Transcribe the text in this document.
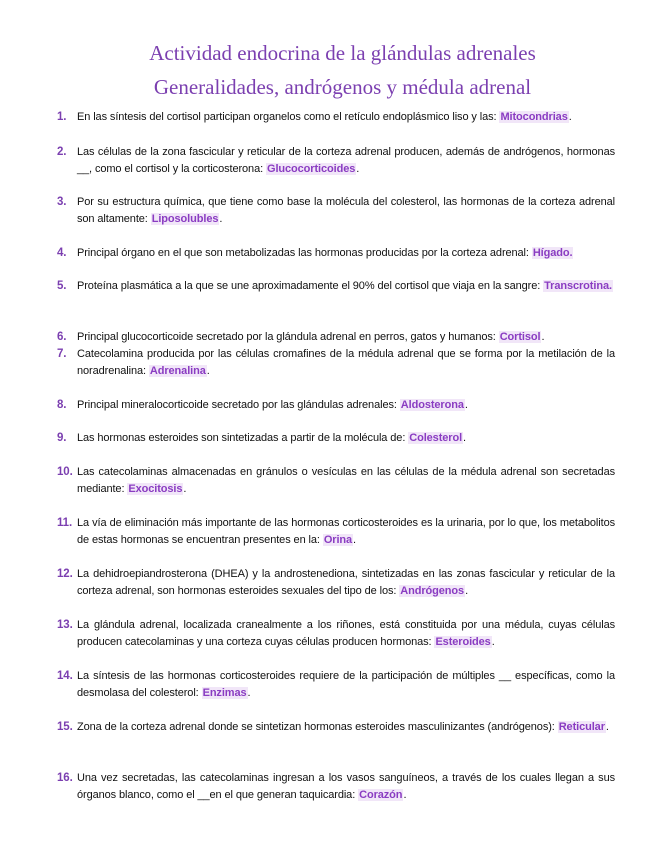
Actividad endocrina de la glándulas adrenales
Generalidades, andrógenos y médula adrenal
1. En las síntesis del cortisol participan organelos como el retículo endoplásmico liso y las: Mitocondrias.
2. Las células de la zona fascicular y reticular de la corteza adrenal producen, además de andrógenos, hormonas __, como el cortisol y la corticosterona: Glucocorticoides.
3. Por su estructura química, que tiene como base la molécula del colesterol, las hormonas de la corteza adrenal son altamente: Liposolubles.
4. Principal órgano en el que son metabolizadas las hormonas producidas por la corteza adrenal: Hígado.
5. Proteína plasmática a la que se une aproximadamente el 90% del cortisol que viaja en la sangre: Transcrotina.
6. Principal glucocorticoide secretado por la glándula adrenal en perros, gatos y humanos: Cortisol.
7. Catecolamina producida por las células cromafines de la médula adrenal que se forma por la metilación de la noradrenalina: Adrenalina.
8. Principal mineralocorticoide secretado por las glándulas adrenales: Aldosterona.
9. Las hormonas esteroides son sintetizadas a partir de la molécula de: Colesterol.
10. Las catecolaminas almacenadas en gránulos o vesículas en las células de la médula adrenal son secretadas mediante: Exocitosis.
11. La vía de eliminación más importante de las hormonas corticosteroides es la urinaria, por lo que, los metabolitos de estas hormonas se encuentran presentes en la: Orina.
12. La dehidroepiandrosterona (DHEA) y la androstenediona, sintetizadas en las zonas fascicular y reticular de la corteza adrenal, son hormonas esteroides sexuales del tipo de los: Andrógenos.
13. La glándula adrenal, localizada cranealmente a los riñones, está constituida por una médula, cuyas células producen catecolaminas y una corteza cuyas células producen hormonas: Esteroides.
14. La síntesis de las hormonas corticosteroides requiere de la participación de múltiples __ específicas, como la desmolasa del colesterol: Enzimas.
15. Zona de la corteza adrenal donde se sintetizan hormonas esteroides masculinizantes (andrógenos): Reticular.
16. Una vez secretadas, las catecolaminas ingresan a los vasos sanguíneos, a través de los cuales llegan a sus órganos blanco, como el __en el que generan taquicardia: Corazón.
